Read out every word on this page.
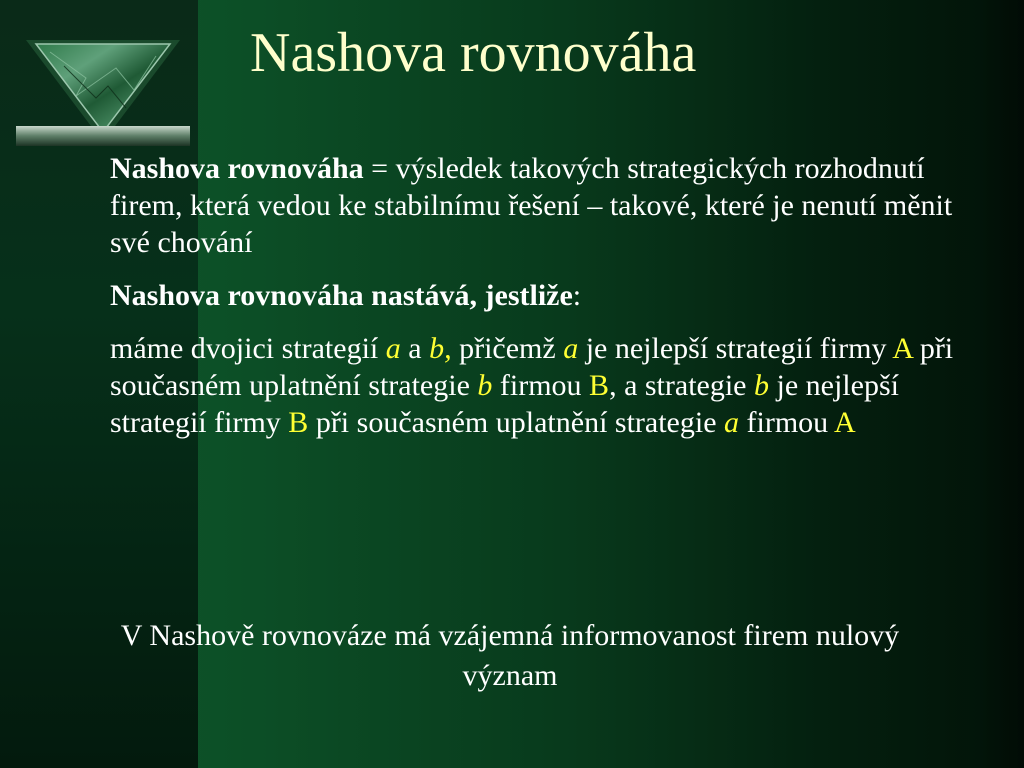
Nashova rovnováha

Nashova rovnováha = výsledek takových strategických rozhodnutí firem, která vedou ke stabilnímu řešení – takové, které je nenutí měnit své chování

Nashova rovnováha nastává, jestliže:

máme dvojici strategií a a b, přičemž a je nejlepší strategií firmy A při současném uplatnění strategie b firmou B, a strategie b je nejlepší strategií firmy B při současném uplatnění strategie a firmou A

V Nashově rovnováze má vzájemná informovanost firem nulový význam
